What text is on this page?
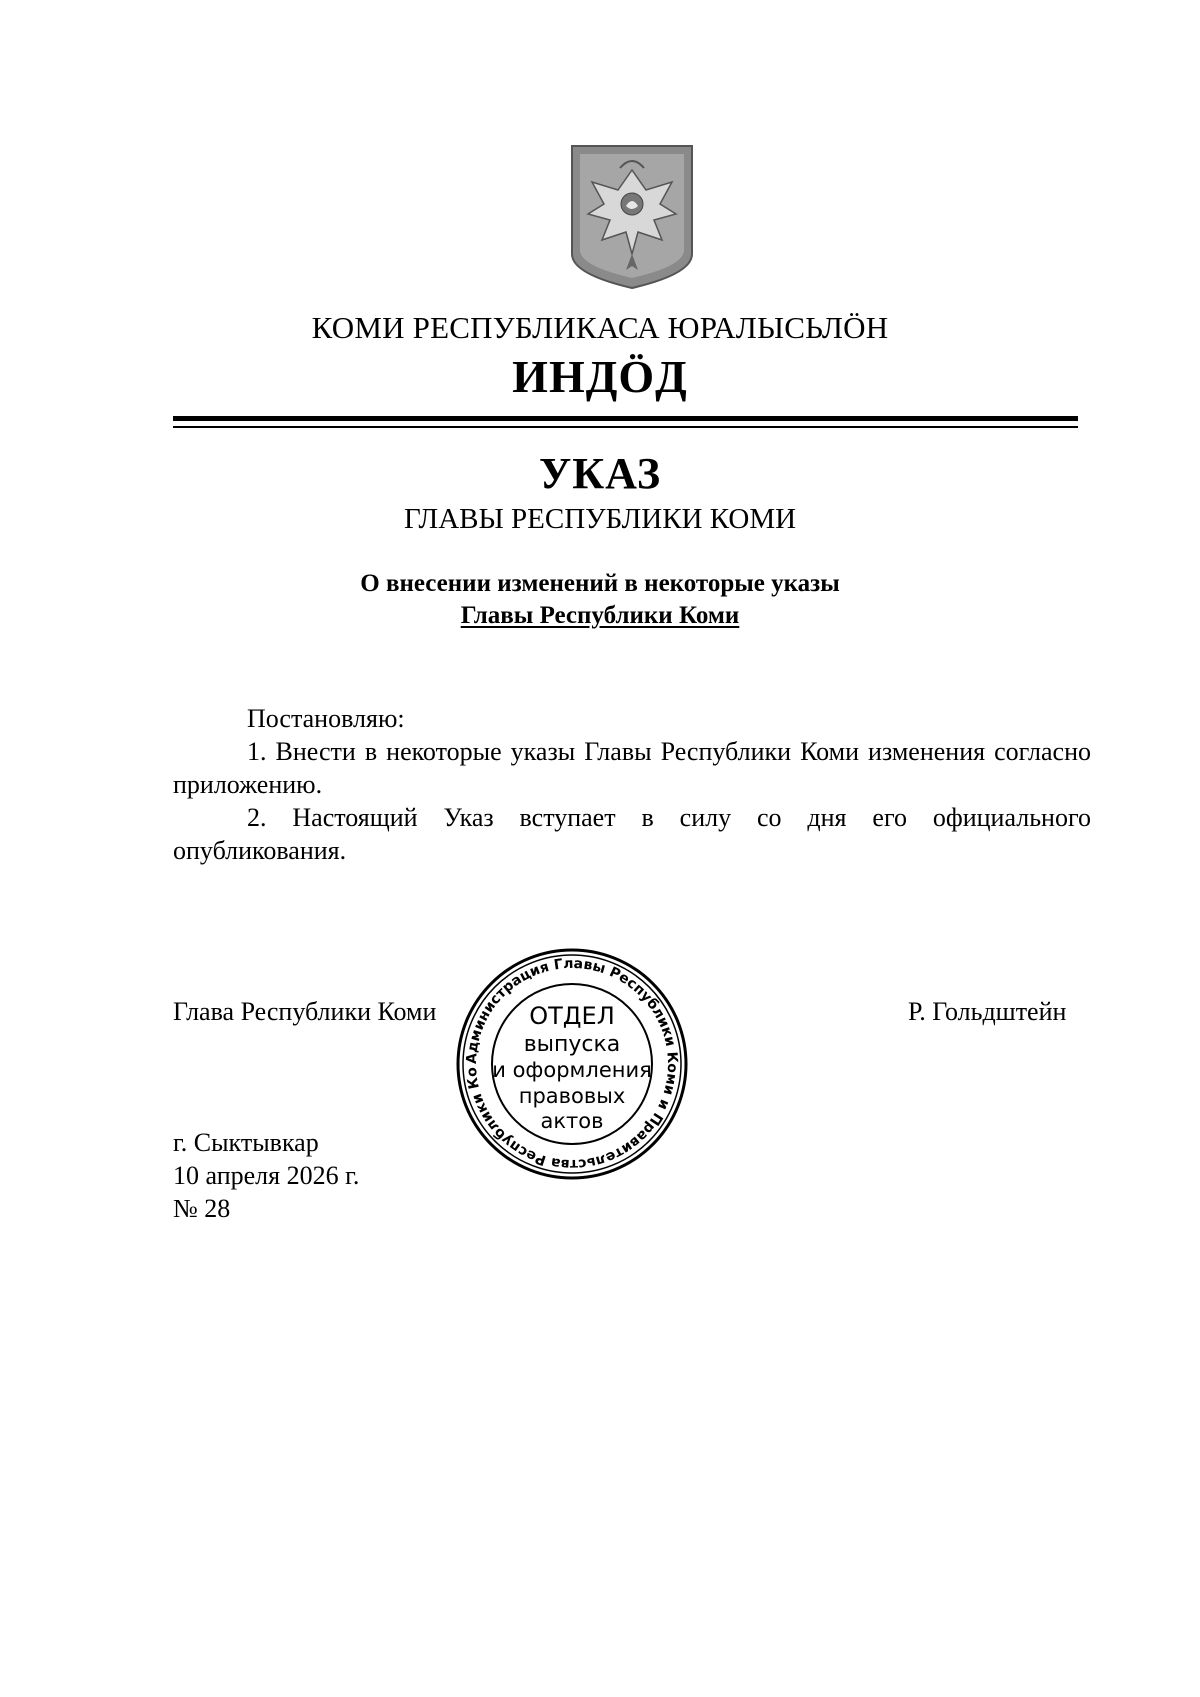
КОМИ РЕСПУБЛИКАСА ЮРАЛЫСЬЛÖН
ИНДÖД
УКАЗ
ГЛАВЫ РЕСПУБЛИКИ КОМИ
О внесении изменений в некоторые указы
Главы Республики Коми
Постановляю:
1. Внести в некоторые указы Главы Республики Коми изменения согласно приложению.
2. Настоящий Указ вступает в силу со дня его официального опубликования.
Глава Республики Коми	Р. Гольдштейн
Администрация Главы Республики Коми и Правительства Республики Ко
ОТДЕЛ
выпуска
и оформления
правовых
актов
г. Сыктывкар
10 апреля 2026 г.
№ 28
